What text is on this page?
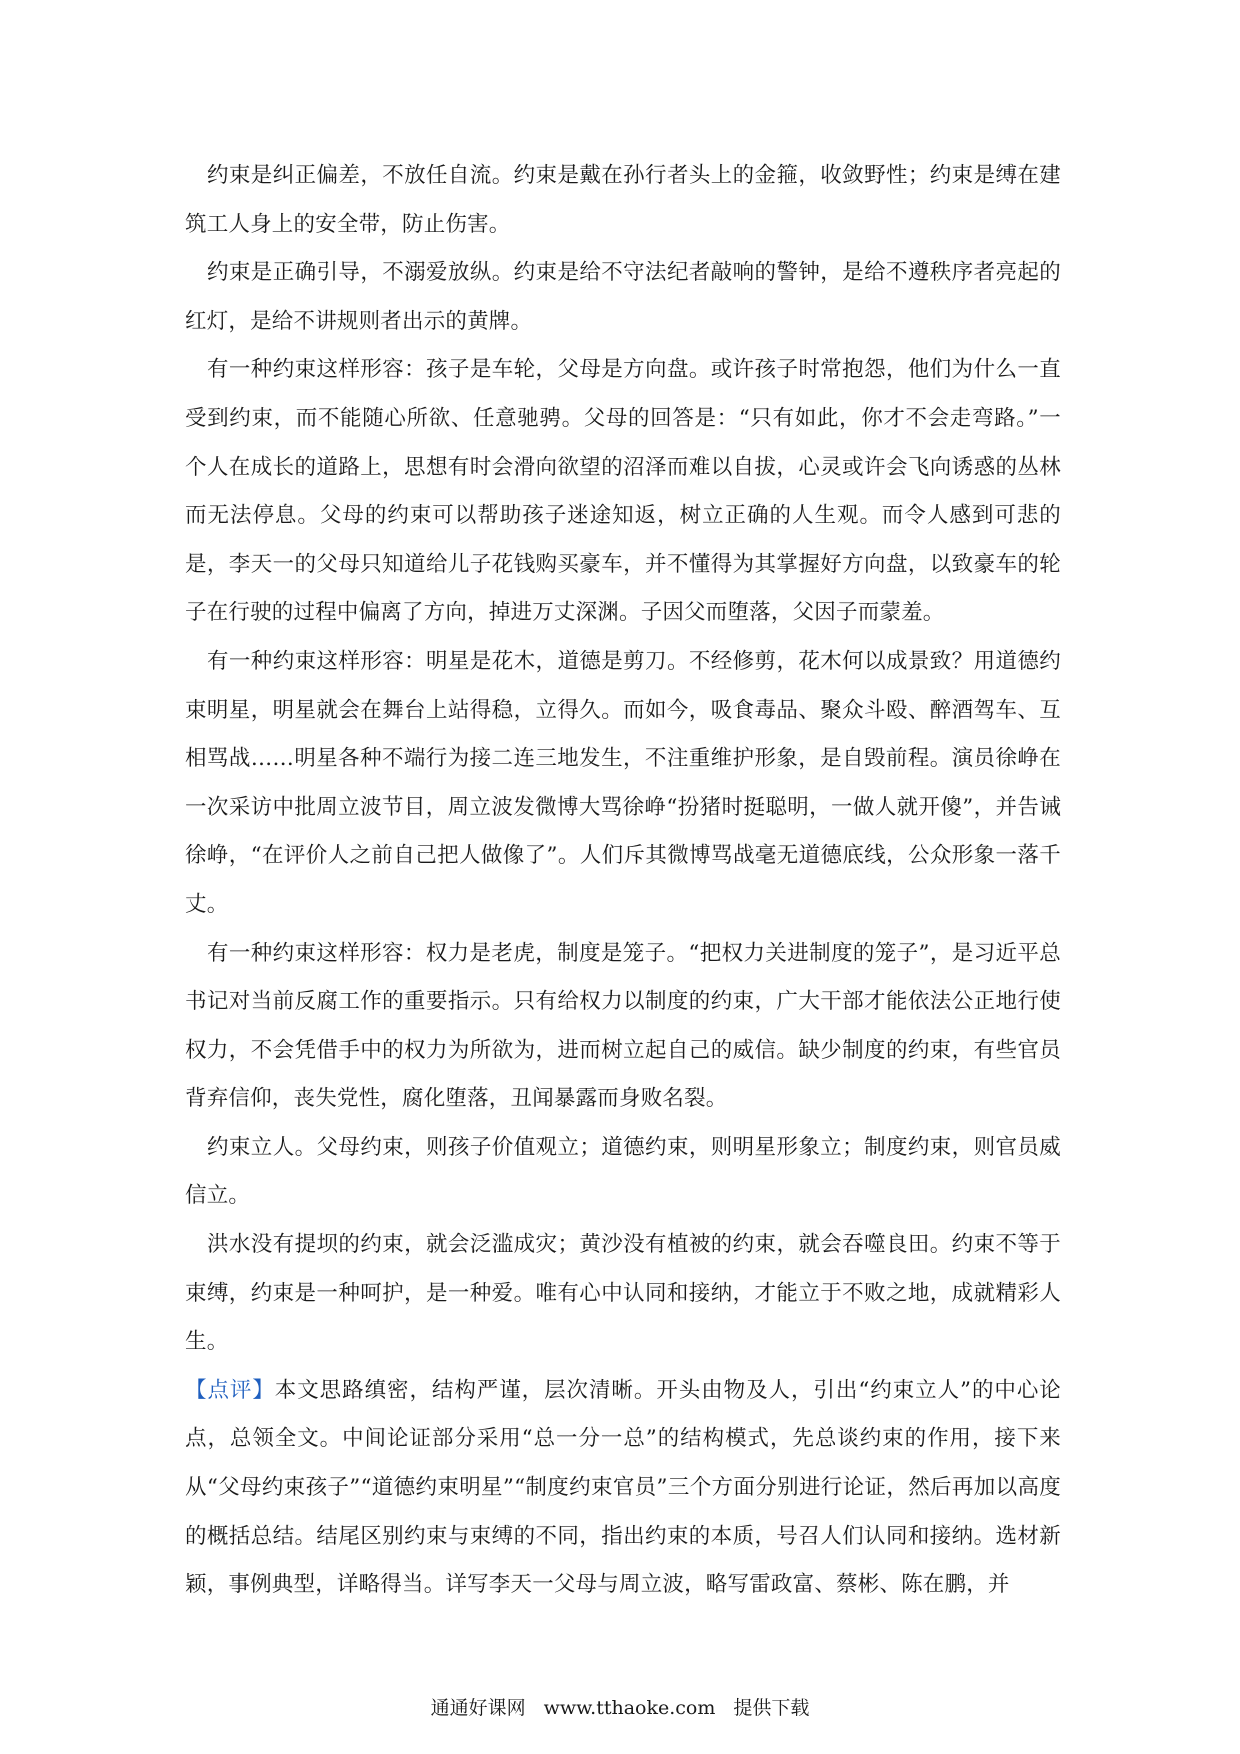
约束是纠正偏差，不放任自流。约束是戴在孙行者头上的金箍，收敛野性；约束是缚在建筑工人身上的安全带，防止伤害。

约束是正确引导，不溺爱放纵。约束是给不守法纪者敲响的警钟，是给不遵秩序者亮起的红灯，是给不讲规则者出示的黄牌。

有一种约束这样形容：孩子是车轮，父母是方向盘。或许孩子时常抱怨，他们为什么一直受到约束，而不能随心所欲、任意驰骋。父母的回答是：“只有如此，你才不会走弯路。”一个人在成长的道路上，思想有时会滑向欲望的沼泽而难以自拔，心灵或许会飞向诱惑的丛林而无法停息。父母的约束可以帮助孩子迷途知返，树立正确的人生观。而令人感到可悲的是，李天一的父母只知道给儿子花钱购买豪车，并不懂得为其掌握好方向盘，以致豪车的轮子在行驶的过程中偏离了方向，掉进万丈深渊。子因父而堕落，父因子而蒙羞。

有一种约束这样形容：明星是花木，道德是剪刀。不经修剪，花木何以成景致？用道德约束明星，明星就会在舞台上站得稳，立得久。而如今，吸食毒品、聚众斗殴、醉酒驾车、互相骂战……明星各种不端行为接二连三地发生，不注重维护形象，是自毁前程。演员徐峥在一次采访中批周立波节目，周立波发微博大骂徐峥“扮猪时挺聪明，一做人就开傻”，并告诫徐峥，“在评价人之前自己把人做像了”。人们斥其微博骂战毫无道德底线，公众形象一落千丈。

有一种约束这样形容：权力是老虎，制度是笼子。“把权力关进制度的笼子”，是习近平总书记对当前反腐工作的重要指示。只有给权力以制度的约束，广大干部才能依法公正地行使权力，不会凭借手中的权力为所欲为，进而树立起自己的威信。缺少制度的约束，有些官员背弃信仰，丧失党性，腐化堕落，丑闻暴露而身败名裂。

约束立人。父母约束，则孩子价值观立；道德约束，则明星形象立；制度约束，则官员威信立。

洪水没有提坝的约束，就会泛滥成灾；黄沙没有植被的约束，就会吞噬良田。约束不等于束缚，约束是一种呵护，是一种爱。唯有心中认同和接纳，才能立于不败之地，成就精彩人生。

【点评】本文思路缜密，结构严谨，层次清晰。开头由物及人，引出“约束立人”的中心论点，总领全文。中间论证部分采用“总一分一总”的结构模式，先总谈约束的作用，接下来从“父母约束孩子”“道德约束明星”“制度约束官员”三个方面分别进行论证，然后再加以高度的概括总结。结尾区别约束与束缚的不同，指出约束的本质，号召人们认同和接纳。选材新颖，事例典型，详略得当。详写李天一父母与周立波，略写雷政富、蔡彬、陈在鹏，并

通通好课网 www.tthaoke.com 提供下载
